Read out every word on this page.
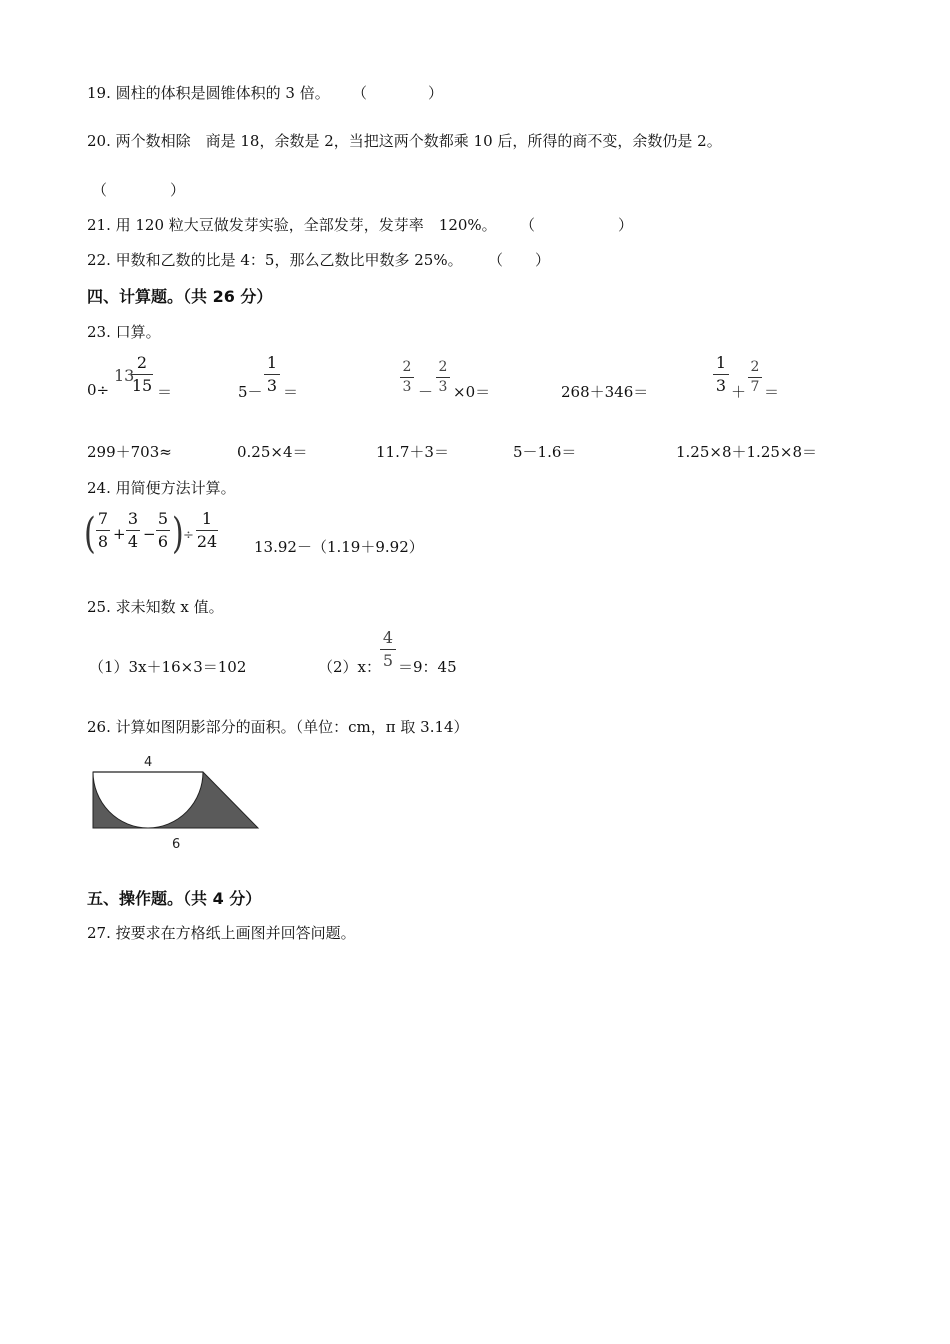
19. 圆柱的体积是圆锥体积的 3 倍。 （	）
20. 两个数相除　商是 18，余数是 2，当把这两个数都乘 10 后，所得的商不变，余数仍是 2。
（	）
21. 用 120 粒大豆做发芽实验，全部发芽，发芽率　120%。 （	）
22. 甲数和乙数的比是 4：5，那么乙数比甲数多 25%。 （ ）
四、计算题。（共 26 分）
23. 口算。
0÷
13
2
15 ＝	5－
1
3 ＝
2
3 －
2
3 ×0＝	268＋346＝
1
3 ＋
2
7 ＝
299＋703≈	0.25×4＝	11.7＋3＝	5－1.6＝	1.25×8＋1.25×8＝
24. 用简便方法计算。
( 7
8 +
3
4 −
5
6 ) ÷
1
24 13.92－（1.19＋9.92）
25. 求未知数 x 值。
（1）3x＋16×3＝102	（2）x：
4
5 ＝9：45
26. 计算如图阴影部分的面积。（单位：cm，π 取 3.14）
4
6
五、操作题。（共 4 分）
27. 按要求在方格纸上画图并回答问题。
